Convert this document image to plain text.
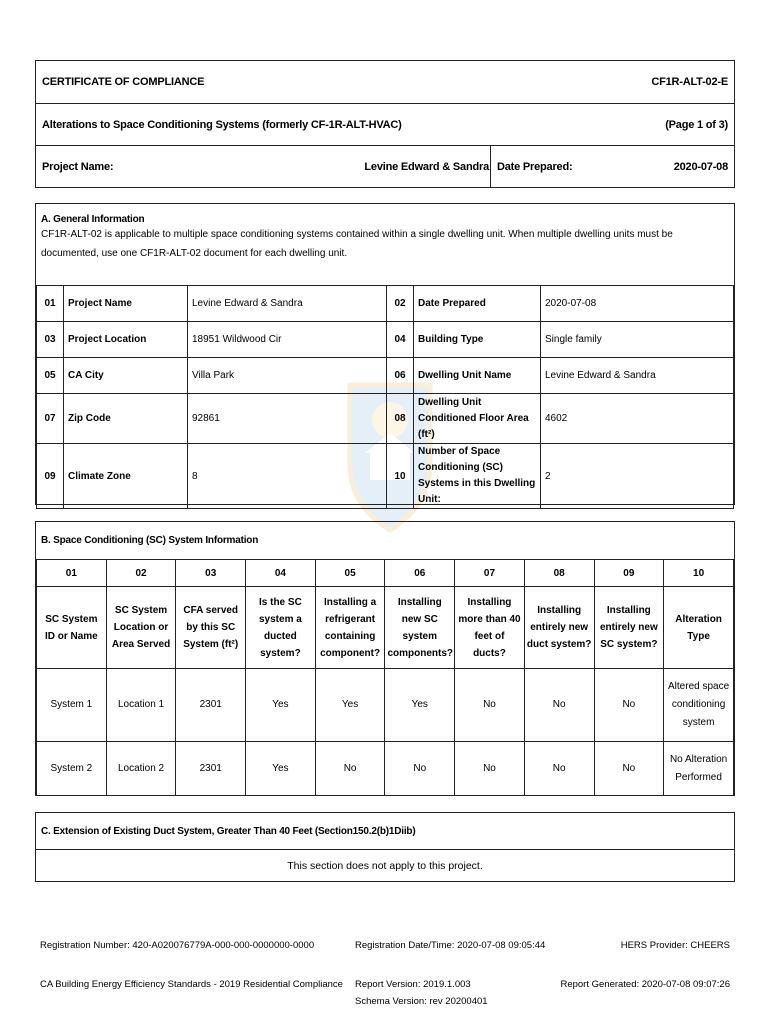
CERTIFICATE OF COMPLIANCE	CF1R-ALT-02-E
Alterations to Space Conditioning Systems (formerly CF-1R-ALT-HVAC)	(Page 1 of 3)
Project Name:	Levine Edward & Sandra Date Prepared:	2020-07-08
A. General Information
CF1R-ALT-02 is applicable to multiple space conditioning systems contained within a single dwelling unit. When multiple dwelling units must be documented, use one CF1R-ALT-02 document for each dwelling unit.
01	Project Name	Levine Edward & Sandra	02	Date Prepared	2020-07-08
03	Project Location	18951 Wildwood Cir	04	Building Type	Single family
05	CA City	Villa Park	06	Dwelling Unit Name	Levine Edward & Sandra
07	Zip Code	92861	08	Dwelling Unit Conditioned Floor Area (ft²)	4602
09	Climate Zone	8	10	Number of Space Conditioning (SC) Systems in this Dwelling Unit:	2
B. Space Conditioning (SC) System Information
01	02	03	04	05	06	07	08	09	10
SC System ID or Name	SC System Location or Area Served	CFA served by this SC System (ft²)	Is the SC system a ducted system?	Installing a refrigerant containing component?	Installing new SC system components?	Installing more than 40 feet of ducts?	Installing entirely new duct system?	Installing entirely new SC system?	Alteration Type
System 1	Location 1	2301	Yes	Yes	Yes	No	No	No	Altered space conditioning system
System 2	Location 2	2301	Yes	No	No	No	No	No	No Alteration Performed
C. Extension of Existing Duct System, Greater Than 40 Feet (Section150.2(b)1Diib)
This section does not apply to this project.
Registration Number: 420-A020076779A-000-000-0000000-0000	Registration Date/Time: 2020-07-08 09:05:44	HERS Provider: CHEERS
CA Building Energy Efficiency Standards - 2019 Residential Compliance Report Version: 2019.1.003
Schema Version: rev 20200401
Report Generated: 2020-07-08 09:07:26
